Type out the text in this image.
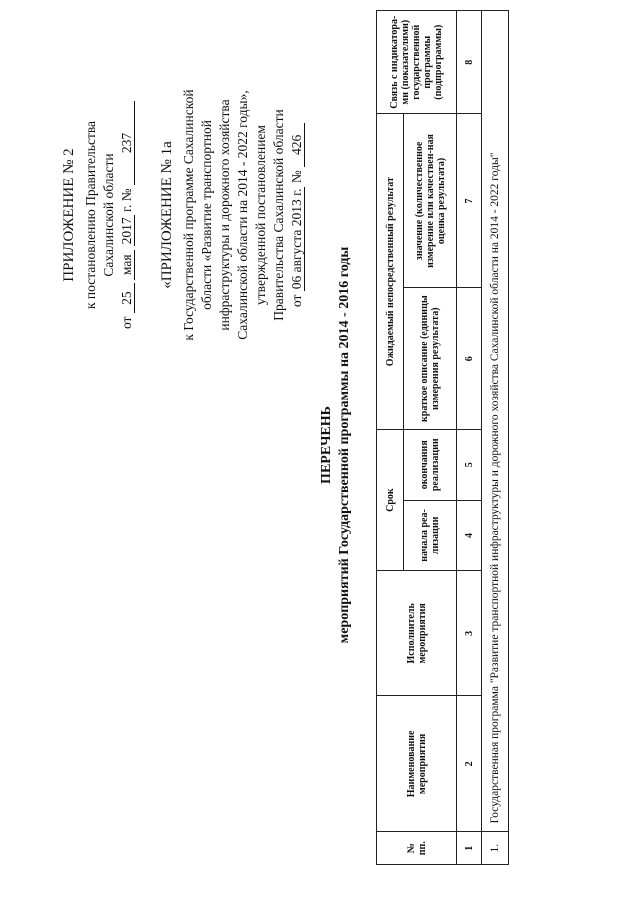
ПРИЛОЖЕНИЕ № 2 к постановлению Правительства Сахалинской области
от 25 мая 2017 г. № 237 «ПРИЛОЖЕНИЕ № 1а к Государственной программе Сахалинской области «Развитие транспортной инфраструктуры и дорожного хозяйства Сахалинской области на 2014 - 2022 годы», утвержденной постановлением Правительства Сахалинской области от 06 августа 2013 г. № 426
ПЕРЕЧЕНЬ мероприятий Государственной программы на 2014 - 2016 годы
№ пп.	Наименование мероприятия	Исполнитель мероприятия	Срок		Ожидаемый непосредственный результат		Связь с индикатора-ми (показателями) государственной программы (подпрограммы)
			начала реа-лизации	окончания реализации	краткое описание (единицы измерения результата)	значение (количественное измерение или качествен-ная оценка результата)	
1	2	3	4	5	6	7	8
1.	Государственная программа "Развитие транспортной инфраструктуры и дорожного хозяйства Сахалинской области на 2014 - 2022 годы"						
